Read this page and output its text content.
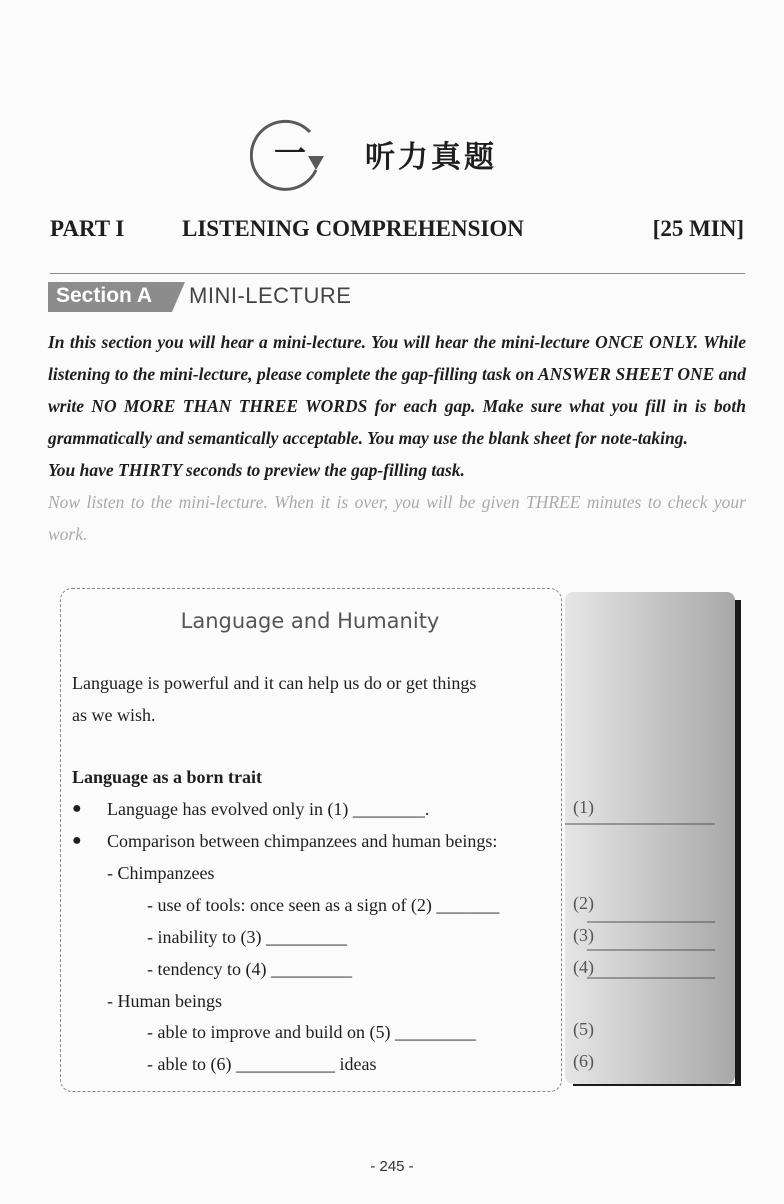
一 听力真题
PART I	LISTENING COMPREHENSION	[25 MIN]
Section A MINI-LECTURE

In this section you will hear a mini-lecture. You will hear the mini-lecture ONCE ONLY. While listening to the mini-lecture, please complete the gap-filling task on ANSWER SHEET ONE and write NO MORE THAN THREE WORDS for each gap. Make sure what you fill in is both grammatically and semantically acceptable. You may use the blank sheet for note-taking.

You have THIRTY seconds to preview the gap-filling task.

Now listen to the mini-lecture. When it is over, you will be given THREE minutes to check your work.

(1)
(2)
(3)
(4)
(5)
(6)
Language and Humanity
Language is powerful and it can help us do or get things
as we wish.
Language as a born trait
● Language has evolved only in (1) ________.
● Comparison between chimpanzees and human beings:
- Chimpanzees
- use of tools: once seen as a sign of (2) _______
- inability to (3) _________
- tendency to (4) _________
- Human beings
- able to improve and build on (5) _________
- able to (6) ___________ ideas
- 245 -
